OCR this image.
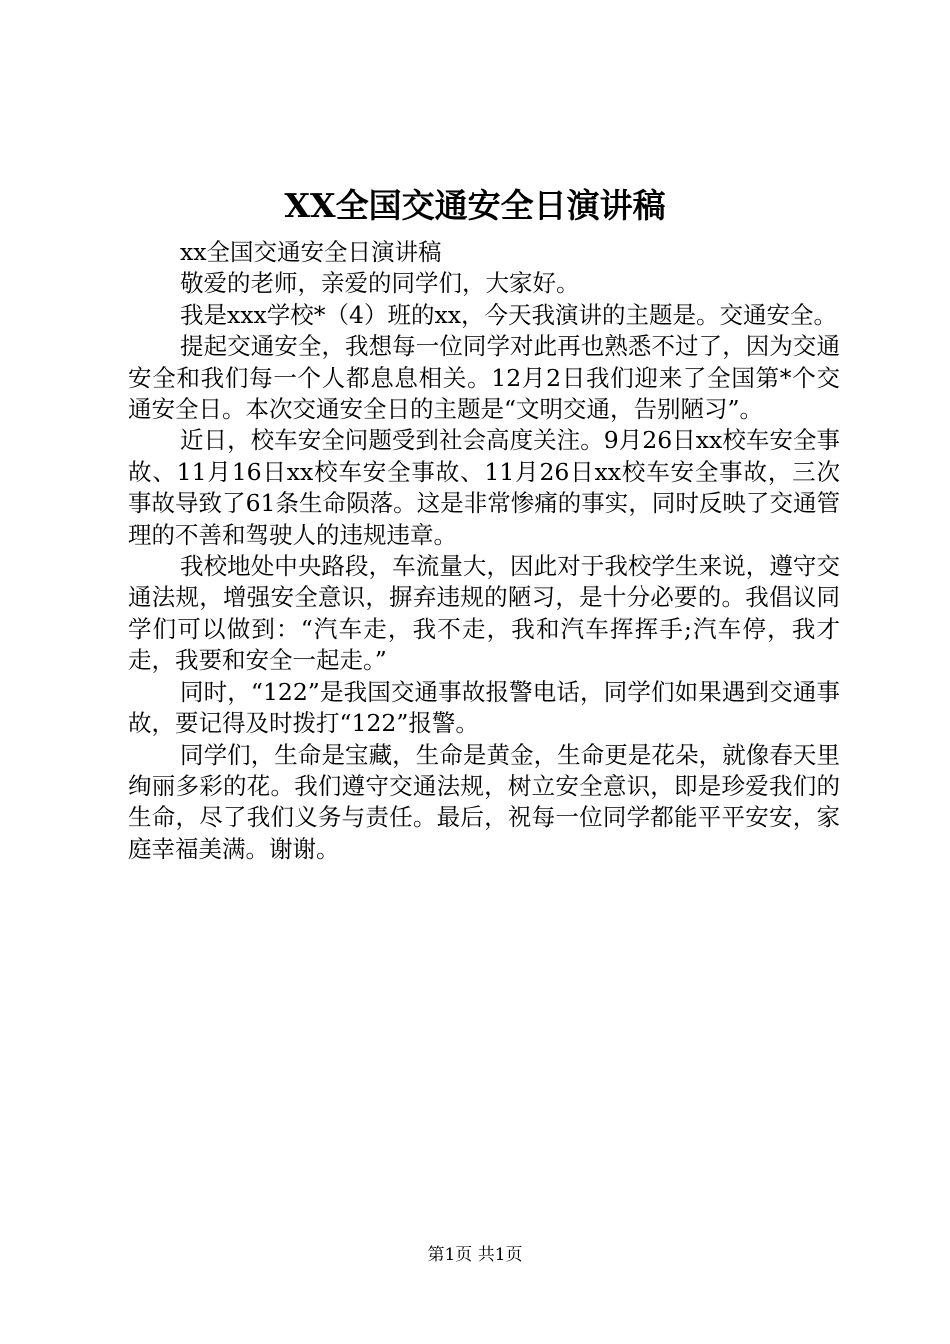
XX全国交通安全日演讲稿

xx全国交通安全日演讲稿

敬爱的老师，亲爱的同学们，大家好。

我是xxx学校*（4）班的xx，今天我演讲的主题是。交通安全。

提起交通安全，我想每一位同学对此再也熟悉不过了，因为交通安全和我们每一个人都息息相关。12月2日我们迎来了全国第*个交通安全日。本次交通安全日的主题是“文明交通，告别陋习”。

近日，校车安全问题受到社会高度关注。9月26日xx校车安全事故、11月16日xx校车安全事故、11月26日xx校车安全事故，三次事故导致了61条生命陨落。这是非常惨痛的事实，同时反映了交通管理的不善和驾驶人的违规违章。

我校地处中央路段，车流量大，因此对于我校学生来说，遵守交通法规，增强安全意识，摒弃违规的陋习，是十分必要的。我倡议同学们可以做到：“汽车走，我不走，我和汽车挥挥手;汽车停，我才走，我要和安全一起走。”

同时，“122”是我国交通事故报警电话，同学们如果遇到交通事故，要记得及时拨打“122”报警。

同学们，生命是宝藏，生命是黄金，生命更是花朵，就像春天里绚丽多彩的花。我们遵守交通法规，树立安全意识，即是珍爱我们的生命，尽了我们义务与责任。最后，祝每一位同学都能平平安安，家庭幸福美满。谢谢。

第1页 共1页
